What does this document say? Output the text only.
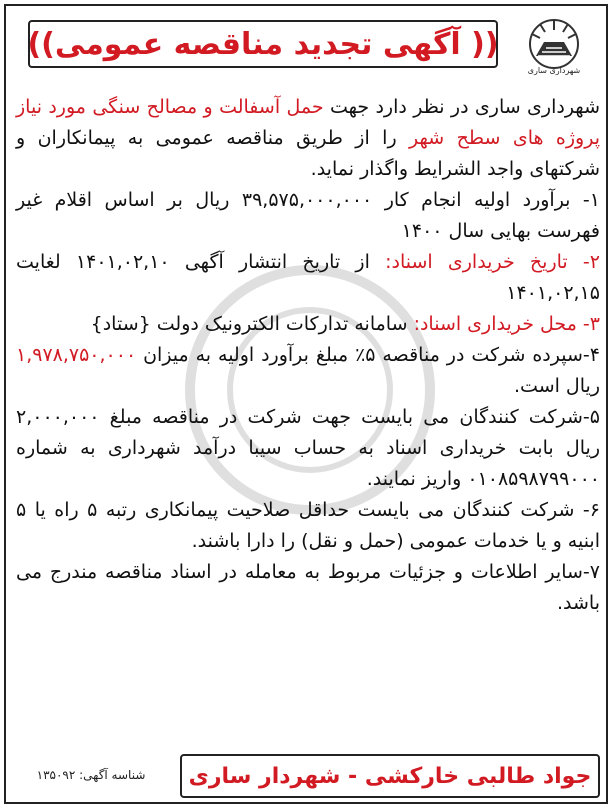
(( آگهی تجدید مناقصه عمومی))
شهرداری ساری

شهرداری ساری در نظر دارد جهت حمل آسفالت و مصالح سنگی مورد نیاز پروژه های سطح شهر را از طریق مناقصه عمومی به پیمانکاران و شرکتهای واجد الشرایط واگذار نماید.

۱- برآورد اولیه انجام کار ۳۹,۵۷۵,۰۰۰,۰۰۰ ریال بر اساس اقلام غیر فهرست بهایی سال ۱۴۰۰

۲- تاریخ خریداری اسناد: از تاریخ انتشار آگهی ۱۴۰۱,۰۲,۱۰ لغایت ۱۴۰۱,۰۲,۱۵

۳- محل خریداری اسناد: سامانه تدارکات الکترونیک دولت {ستاد}

۴-سپرده شرکت در مناقصه ۵٪ مبلغ برآورد اولیه به میزان ۱,۹۷۸,۷۵۰,۰۰۰ ریال است.

۵-شرکت کنندگان می بایست جهت شرکت در مناقصه مبلغ ۲,۰۰۰,۰۰۰ ریال بابت خریداری اسناد به حساب سیبا درآمد شهرداری به شماره ۰۱۰۸۵۹۸۷۹۹۰۰۰ واریز نمایند.

۶- شرکت کنندگان می بایست حداقل صلاحیت پیمانکاری رتبه ۵ راه یا ۵ ابنیه و یا خدمات عمومی (حمل و نقل) را دارا باشند.

۷-سایر اطلاعات و جزئیات مربوط به معامله در اسناد مناقصه مندرج می باشد.

جواد طالبی خارکشی - شهردار ساری
شناسه آگهی: ۱۳۵۰۹۲
